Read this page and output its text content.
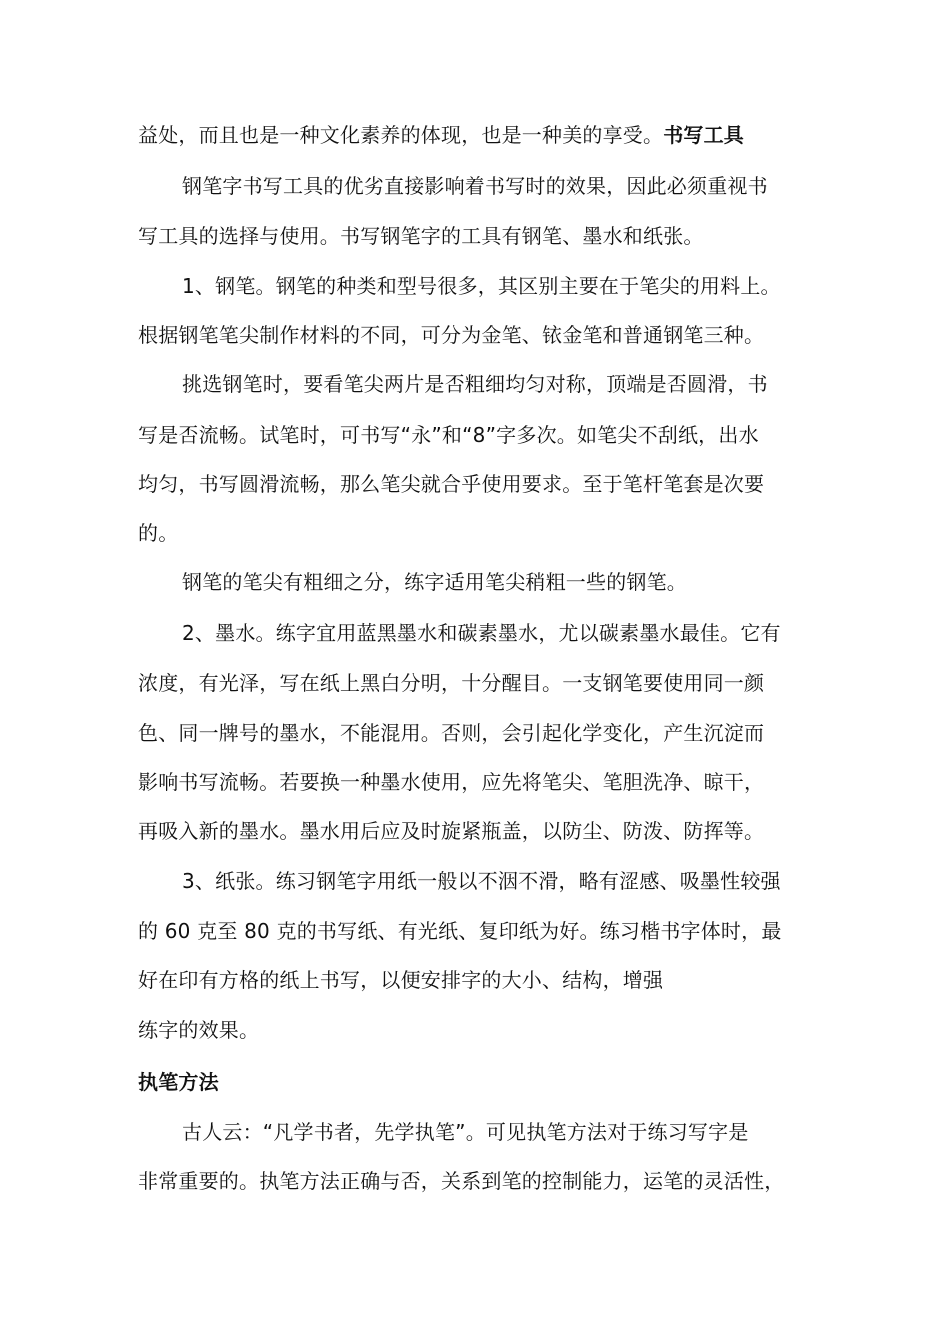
益处，而且也是一种文化素养的体现，也是一种美的享受。书写工具
钢笔字书写工具的优劣直接影响着书写时的效果，因此必须重视书
写工具的选择与使用。书写钢笔字的工具有钢笔、墨水和纸张。
1、钢笔。钢笔的种类和型号很多，其区别主要在于笔尖的用料上。
根据钢笔笔尖制作材料的不同，可分为金笔、铱金笔和普通钢笔三种。
挑选钢笔时，要看笔尖两片是否粗细均匀对称，顶端是否圆滑，书
写是否流畅。试笔时，可书写“永”和“8”字多次。如笔尖不刮纸，出水
均匀，书写圆滑流畅，那么笔尖就合乎使用要求。至于笔杆笔套是次要
的。
钢笔的笔尖有粗细之分，练字适用笔尖稍粗一些的钢笔。
2、墨水。练字宜用蓝黑墨水和碳素墨水，尤以碳素墨水最佳。它有
浓度，有光泽，写在纸上黑白分明，十分醒目。一支钢笔要使用同一颜
色、同一牌号的墨水，不能混用。否则，会引起化学变化，产生沉淀而
影响书写流畅。若要换一种墨水使用，应先将笔尖、笔胆洗净、晾干，
再吸入新的墨水。墨水用后应及时旋紧瓶盖，以防尘、防泼、防挥等。
3、纸张。练习钢笔字用纸一般以不洇不滑，略有涩感、吸墨性较强
的 60 克至 80 克的书写纸、有光纸、复印纸为好。练习楷书字体时，最
好在印有方格的纸上书写，以便安排字的大小、结构，增强
练字的效果。
执笔方法
古人云：“凡学书者，先学执笔”。可见执笔方法对于练习写字是
非常重要的。执笔方法正确与否，关系到笔的控制能力，运笔的灵活性，
